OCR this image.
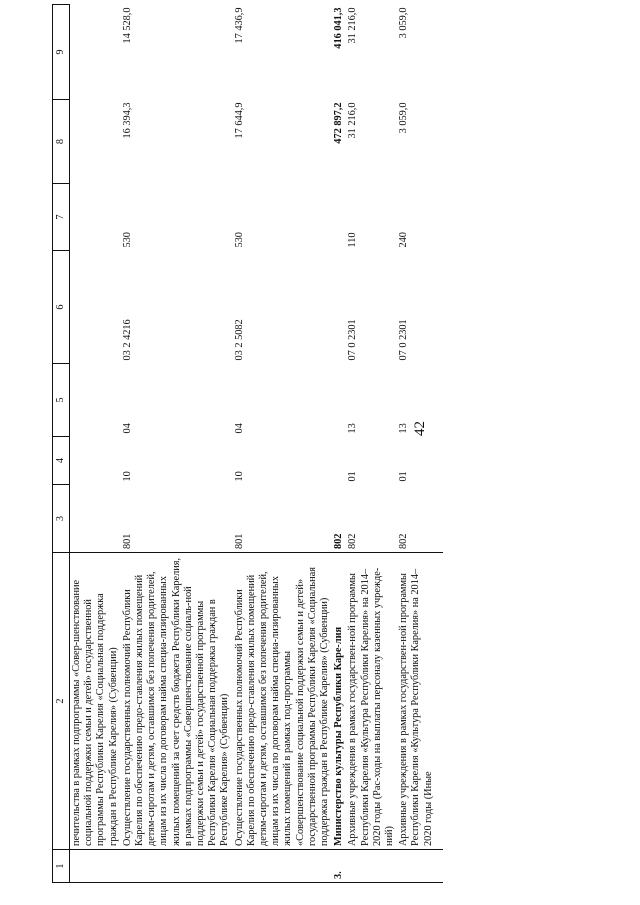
42
1	2	3	4	5	6	7	8	9
	печительства в рамках подпрограммы «Совер-шенствование социальной поддержки семьи и детей» государственной программы Республики Карелия «Социальная поддержка граждан в Республике Карелия» (Субвенции)							
	Осуществление государственных полномочий Республики Карелия по обеспечению предо-ставления жилых помещений детям-сиротам и детям, оставшимся без попечения родителей, лицам из их числа по договорам найма специа-лизированных жилых помещений за счет средств бюджета Республики Карелия, в рамках подпрограммы «Совершенствование социаль-ной поддержки семьи и детей» государственной программы Республики Карелия «Социальная поддержка граждан в Республике Карелия» (Субвенции)	801	10	04	03 2 4216	530	16 394,3	14 528,0
	Осуществление государственных полномочий Республики Карелия по обеспечению предо-ставления жилых помещений детям-сиротам и детям, оставшимся без попечения родителей, лицам из их числа по договорам найма специа-лизированных жилых помещений в рамках под-программы «Совершенствование социальной поддержки семьи и детей» государственной программы Республики Карелия «Социальная поддержка граждан в Республике Карелия» (Субвенции)	801	10	04	03 2 5082	530	17 644,9	17 436,9
3.	Министерство культуры Республики Каре-лия	802					472 897,2	416 041,3
	Архивные учреждения в рамках государствен-ной программы Республики Карелия «Культура Республики Карелия» на 2014–2020 годы (Рас-ходы на выплаты персоналу казенных учрежде-ний)	802	01	13	07 0 2301	110	31 216,0	31 216,0
	Архивные учреждения в рамках государствен-ной программы Республики Карелия «Культура Республики Карелия» на 2014–2020 годы (Иные	802	01	13	07 0 2301	240	3 059,0	3 059,0
